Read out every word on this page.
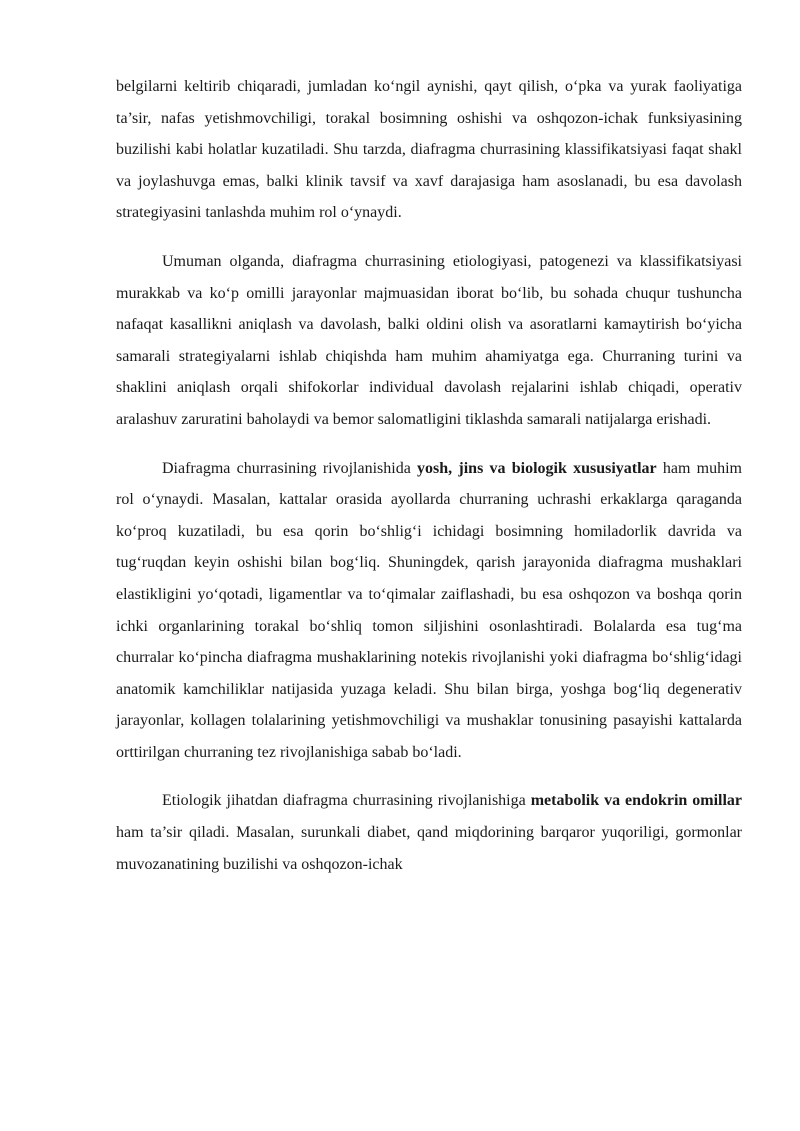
belgilarni keltirib chiqaradi, jumladan ko‘ngil aynishi, qayt qilish, o‘pka va yurak faoliyatiga ta’sir, nafas yetishmovchiligi, torakal bosimning oshishi va oshqozon-ichak funksiyasining buzilishi kabi holatlar kuzatiladi. Shu tarzda, diafragma churrasining klassifikatsiyasi faqat shakl va joylashuvga emas, balki klinik tavsif va xavf darajasiga ham asoslanadi, bu esa davolash strategiyasini tanlashda muhim rol o‘ynaydi.

Umuman olganda, diafragma churrasining etiologiyasi, patogenezi va klassifikatsiyasi murakkab va ko‘p omilli jarayonlar majmuasidan iborat bo‘lib, bu sohada chuqur tushuncha nafaqat kasallikni aniqlash va davolash, balki oldini olish va asoratlarni kamaytirish bo‘yicha samarali strategiyalarni ishlab chiqishda ham muhim ahamiyatga ega. Churraning turini va shaklini aniqlash orqali shifokorlar individual davolash rejalarini ishlab chiqadi, operativ aralashuv zaruratini baholaydi va bemor salomatligini tiklashda samarali natijalarga erishadi.

Diafragma churrasining rivojlanishida yosh, jins va biologik xususiyatlar ham muhim rol o‘ynaydi. Masalan, kattalar orasida ayollarda churraning uchrashi erkaklarga qaraganda ko‘proq kuzatiladi, bu esa qorin bo‘shlig‘i ichidagi bosimning homiladorlik davrida va tug‘ruqdan keyin oshishi bilan bog‘liq. Shuningdek, qarish jarayonida diafragma mushaklari elastikligini yo‘qotadi, ligamentlar va to‘qimalar zaiflashadi, bu esa oshqozon va boshqa qorin ichki organlarining torakal bo‘shliq tomon siljishini osonlashtiradi. Bolalarda esa tug‘ma churralar ko‘pincha diafragma mushaklarining notekis rivojlanishi yoki diafragma bo‘shlig‘idagi anatomik kamchiliklar natijasida yuzaga keladi. Shu bilan birga, yoshga bog‘liq degenerativ jarayonlar, kollagen tolalarining yetishmovchiligi va mushaklar tonusining pasayishi kattalarda orttirilgan churraning tez rivojlanishiga sabab bo‘ladi.

Etiologik jihatdan diafragma churrasining rivojlanishiga metabolik va endokrin omillar ham ta’sir qiladi. Masalan, surunkali diabet, qand miqdorining barqaror yuqoriligi, gormonlar muvozanatining buzilishi va oshqozon-ichak
